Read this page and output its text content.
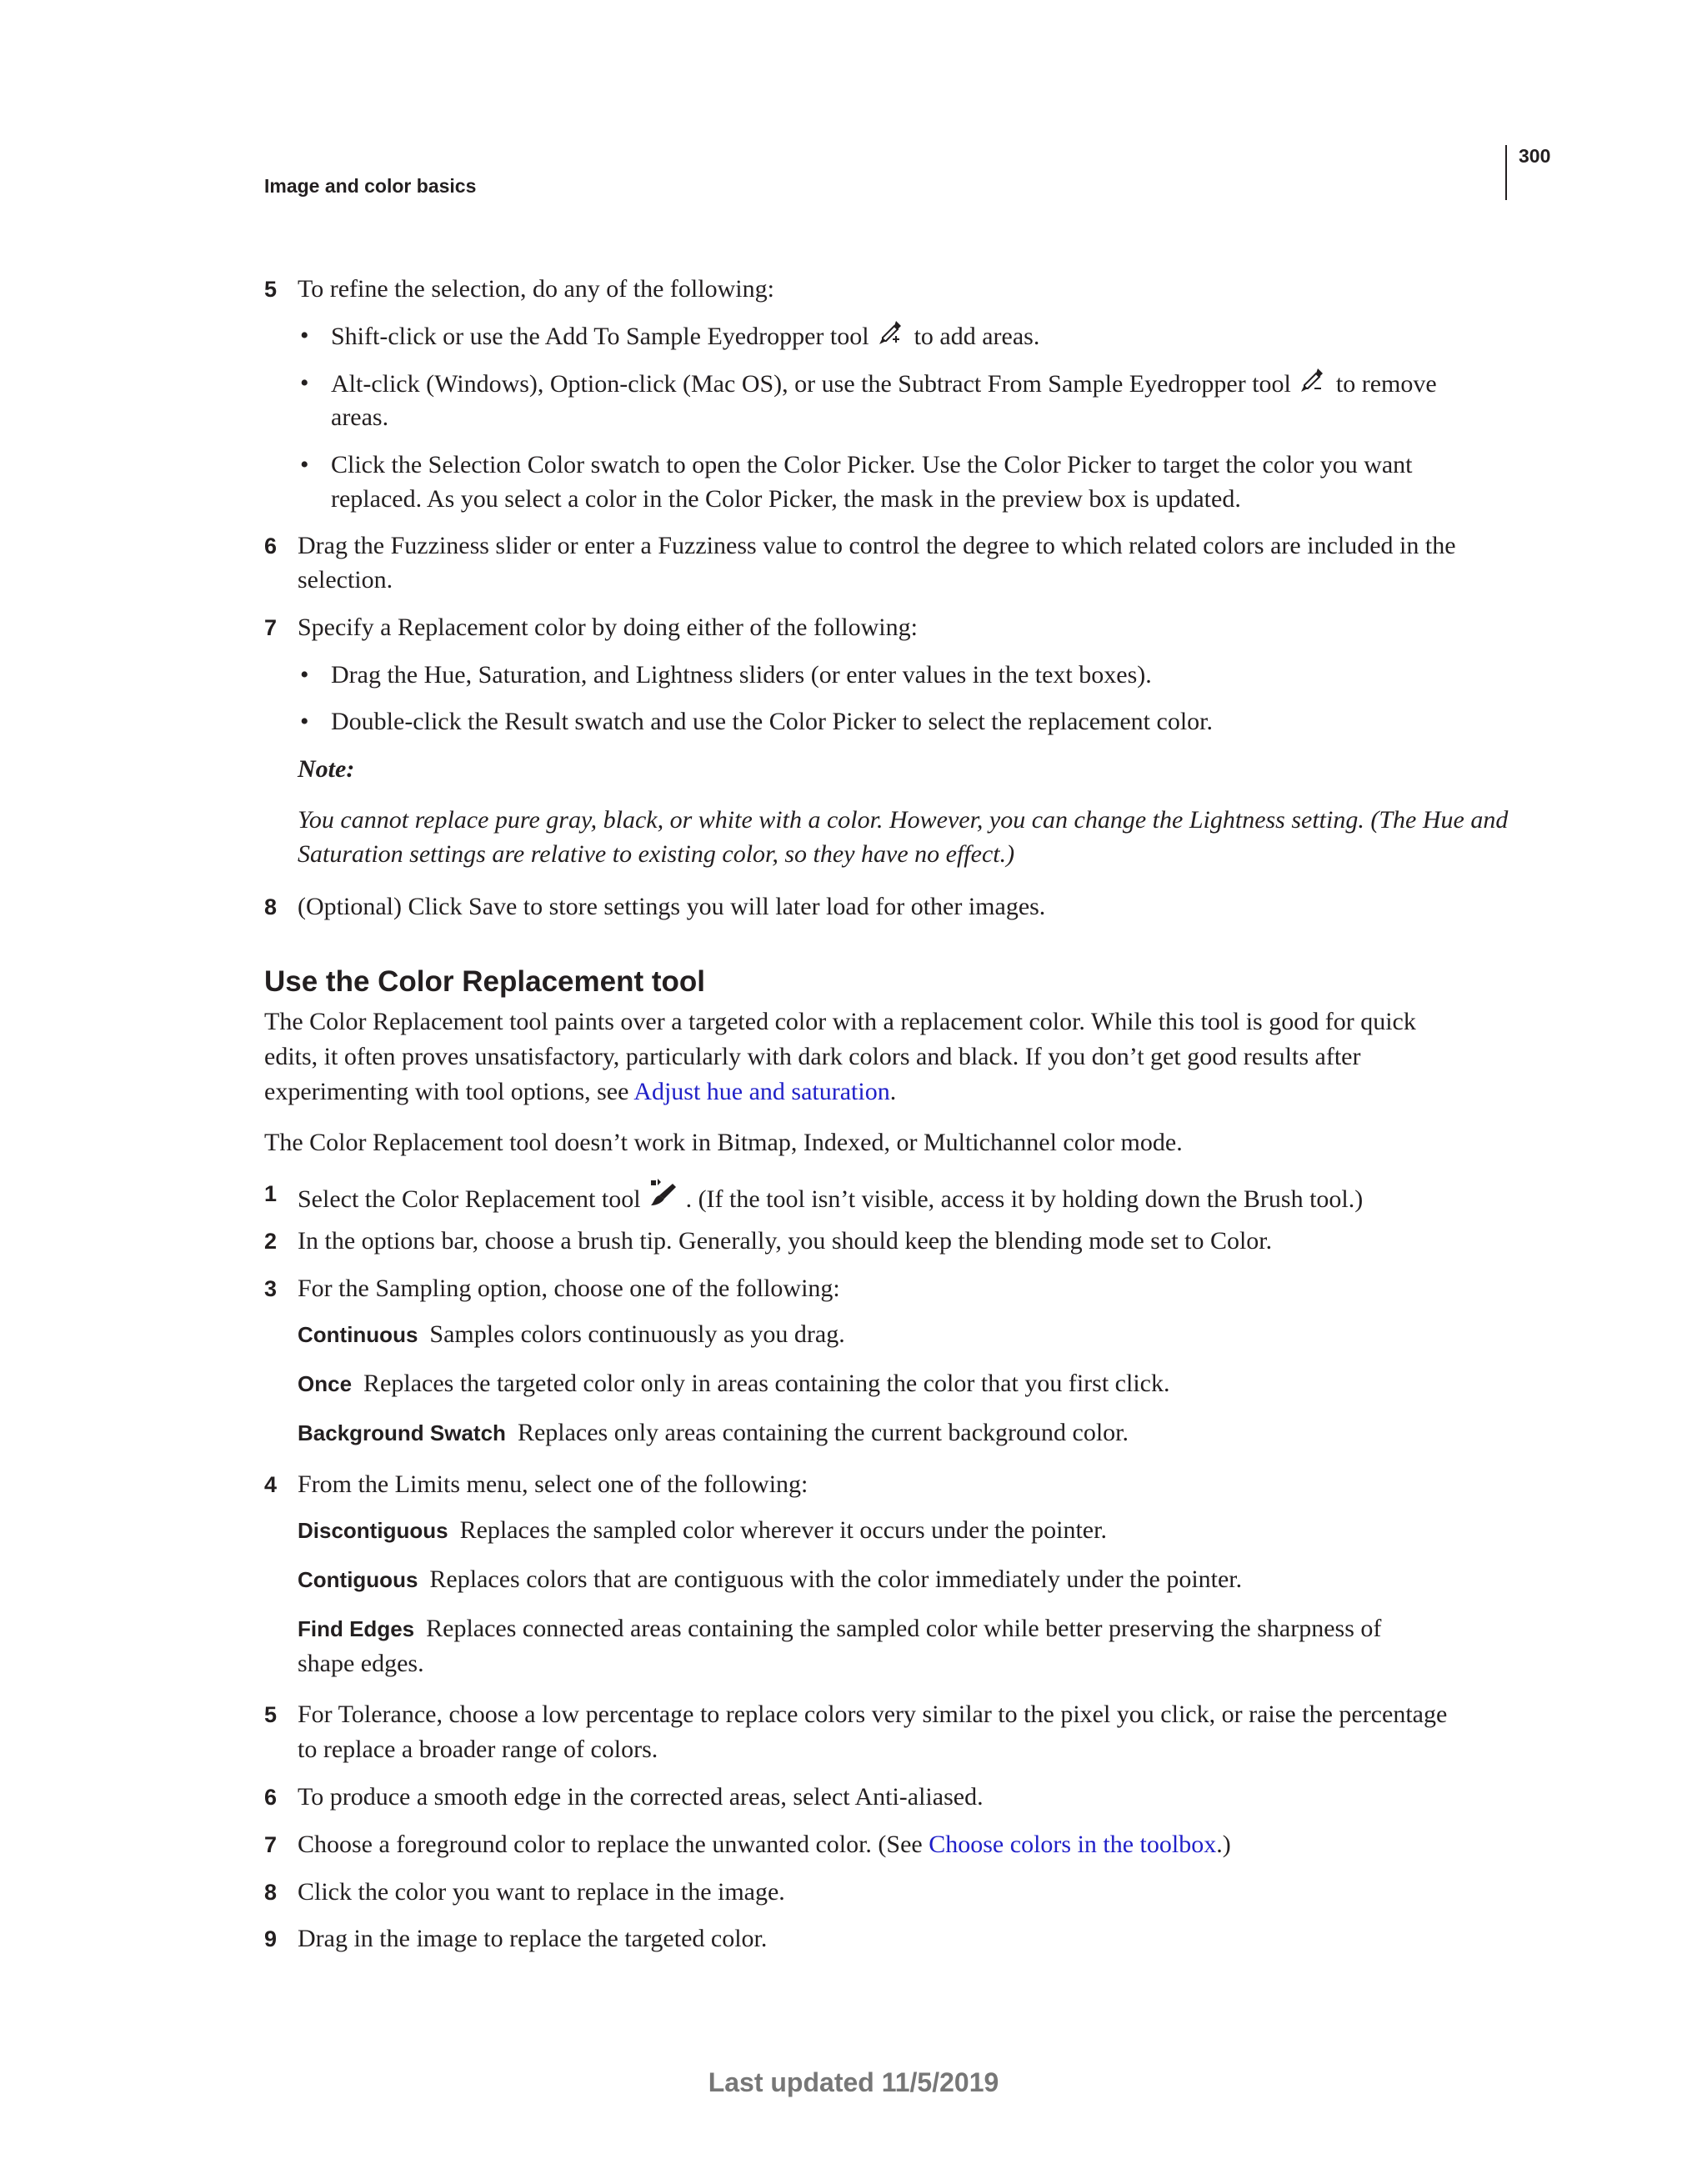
Image and color basics
300
5 To refine the selection, do any of the following:
• Shift-click or use the Add To Sample Eyedropper tool to add areas.
• Alt-click (Windows), Option-click (Mac OS), or use the Subtract From Sample Eyedropper tool to remove
areas.
• Click the Selection Color swatch to open the Color Picker. Use the Color Picker to target the color you want
replaced. As you select a color in the Color Picker, the mask in the preview box is updated.
6 Drag the Fuzziness slider or enter a Fuzziness value to control the degree to which related colors are included in the
selection.
7 Specify a Replacement color by doing either of the following:
• Drag the Hue, Saturation, and Lightness sliders (or enter values in the text boxes).
• Double-click the Result swatch and use the Color Picker to select the replacement color.
Note:
You cannot replace pure gray, black, or white with a color. However, you can change the Lightness setting. (The Hue and
Saturation settings are relative to existing color, so they have no effect.)
8 (Optional) Click Save to store settings you will later load for other images.
Use the Color Replacement tool
The Color Replacement tool paints over a targeted color with a replacement color. While this tool is good for quick
edits, it often proves unsatisfactory, particularly with dark colors and black. If you don’t get good results after
experimenting with tool options, see Adjust hue and saturation.
The Color Replacement tool doesn’t work in Bitmap, Indexed, or Multichannel color mode.
1 Select the Color Replacement tool . (If the tool isn’t visible, access it by holding down the Brush tool.)
2 In the options bar, choose a brush tip. Generally, you should keep the blending mode set to Color.
3 For the Sampling option, choose one of the following:
Continuous Samples colors continuously as you drag.
Once Replaces the targeted color only in areas containing the color that you first click.
Background Swatch Replaces only areas containing the current background color.
4 From the Limits menu, select one of the following:
Discontiguous Replaces the sampled color wherever it occurs under the pointer.
Contiguous Replaces colors that are contiguous with the color immediately under the pointer.
Find Edges Replaces connected areas containing the sampled color while better preserving the sharpness of
shape edges.
5 For Tolerance, choose a low percentage to replace colors very similar to the pixel you click, or raise the percentage
to replace a broader range of colors.
6 To produce a smooth edge in the corrected areas, select Anti-aliased.
7 Choose a foreground color to replace the unwanted color. (See Choose colors in the toolbox.)
8 Click the color you want to replace in the image.
9 Drag in the image to replace the targeted color.
Last updated 11/5/2019
